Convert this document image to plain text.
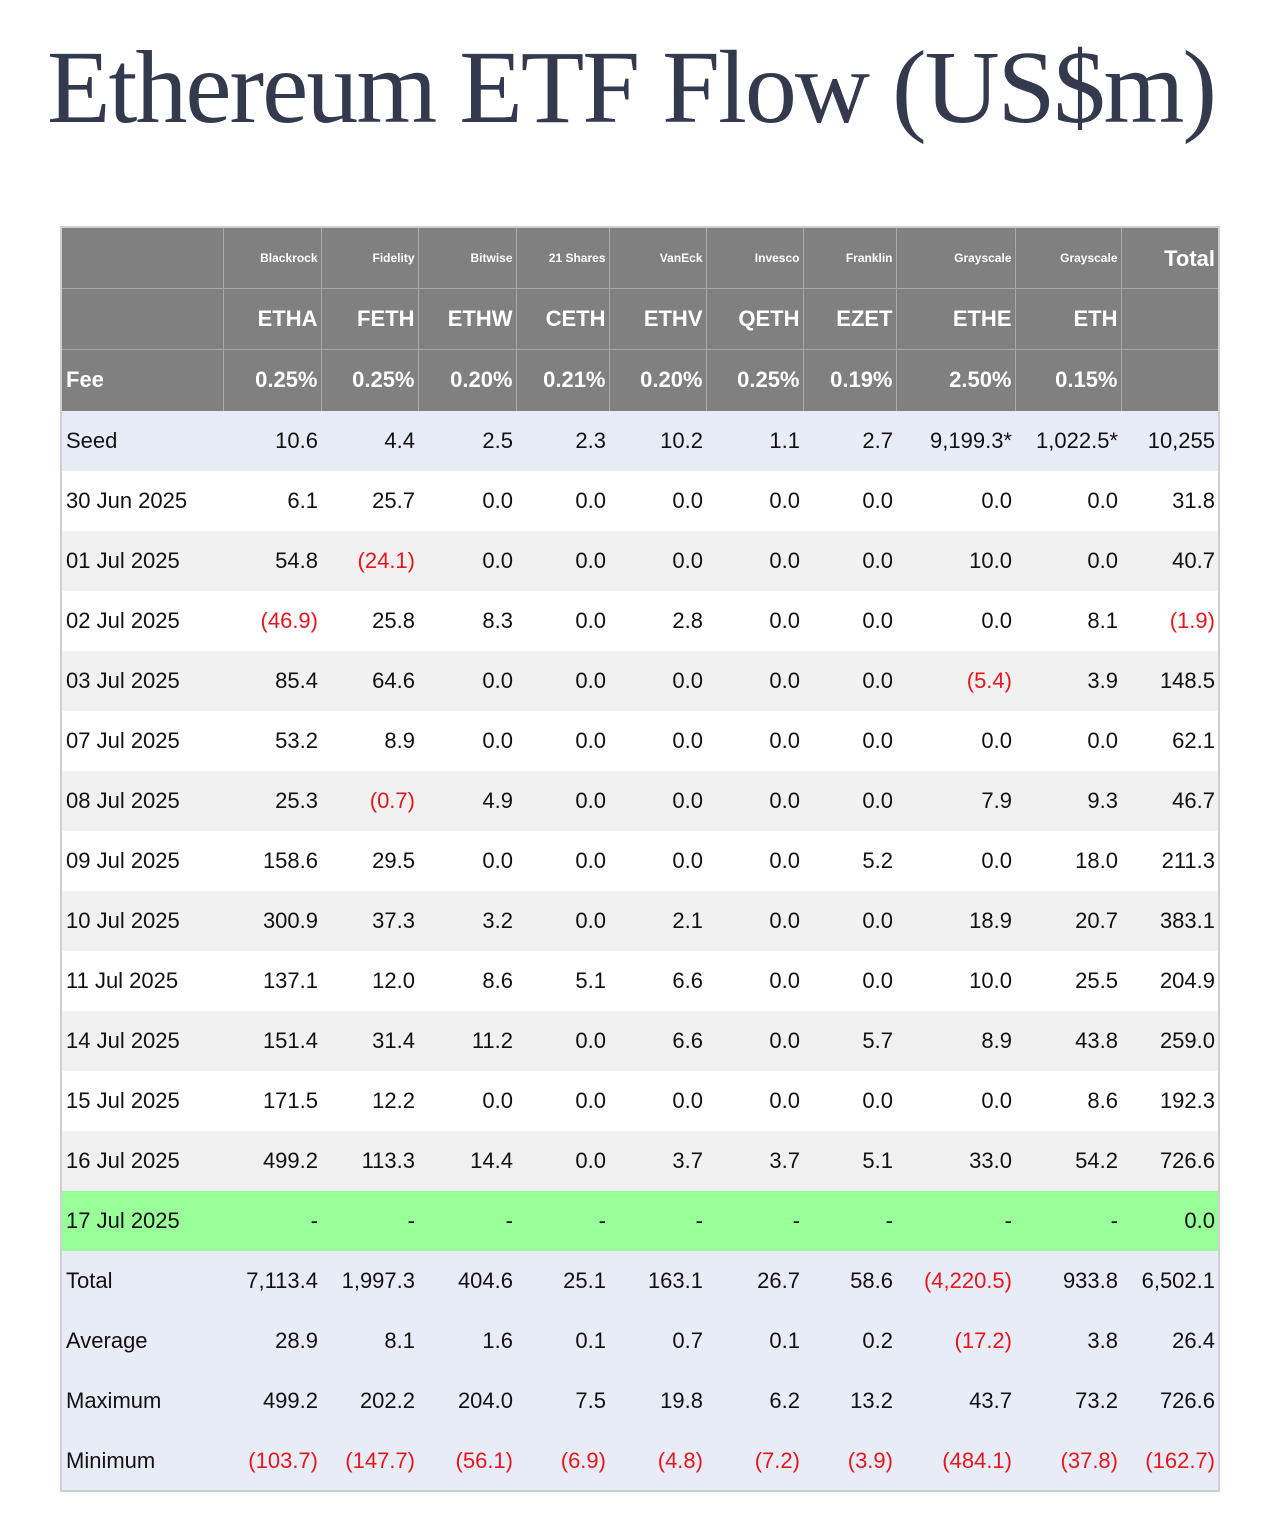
Ethereum ETF Flow (US$m)
	Blackrock	Fidelity	Bitwise	21 Shares	VanEck	Invesco	Franklin	Grayscale	Grayscale	Total
	ETHA	FETH	ETHW	CETH	ETHV	QETH	EZET	ETHE	ETH	
Fee	0.25%	0.25%	0.20%	0.21%	0.20%	0.25%	0.19%	2.50%	0.15%	
Seed	10.6	4.4	2.5	2.3	10.2	1.1	2.7	9,199.3*	1,022.5*	10,255
30 Jun 2025	6.1	25.7	0.0	0.0	0.0	0.0	0.0	0.0	0.0	31.8
01 Jul 2025	54.8	(24.1)	0.0	0.0	0.0	0.0	0.0	10.0	0.0	40.7
02 Jul 2025	(46.9)	25.8	8.3	0.0	2.8	0.0	0.0	0.0	8.1	(1.9)
03 Jul 2025	85.4	64.6	0.0	0.0	0.0	0.0	0.0	(5.4)	3.9	148.5
07 Jul 2025	53.2	8.9	0.0	0.0	0.0	0.0	0.0	0.0	0.0	62.1
08 Jul 2025	25.3	(0.7)	4.9	0.0	0.0	0.0	0.0	7.9	9.3	46.7
09 Jul 2025	158.6	29.5	0.0	0.0	0.0	0.0	5.2	0.0	18.0	211.3
10 Jul 2025	300.9	37.3	3.2	0.0	2.1	0.0	0.0	18.9	20.7	383.1
11 Jul 2025	137.1	12.0	8.6	5.1	6.6	0.0	0.0	10.0	25.5	204.9
14 Jul 2025	151.4	31.4	11.2	0.0	6.6	0.0	5.7	8.9	43.8	259.0
15 Jul 2025	171.5	12.2	0.0	0.0	0.0	0.0	0.0	0.0	8.6	192.3
16 Jul 2025	499.2	113.3	14.4	0.0	3.7	3.7	5.1	33.0	54.2	726.6
17 Jul 2025	-	-	-	-	-	-	-	-	-	0.0
Total	7,113.4	1,997.3	404.6	25.1	163.1	26.7	58.6	(4,220.5)	933.8	6,502.1
Average	28.9	8.1	1.6	0.1	0.7	0.1	0.2	(17.2)	3.8	26.4
Maximum	499.2	202.2	204.0	7.5	19.8	6.2	13.2	43.7	73.2	726.6
Minimum	(103.7)	(147.7)	(56.1)	(6.9)	(4.8)	(7.2)	(3.9)	(484.1)	(37.8)	(162.7)
